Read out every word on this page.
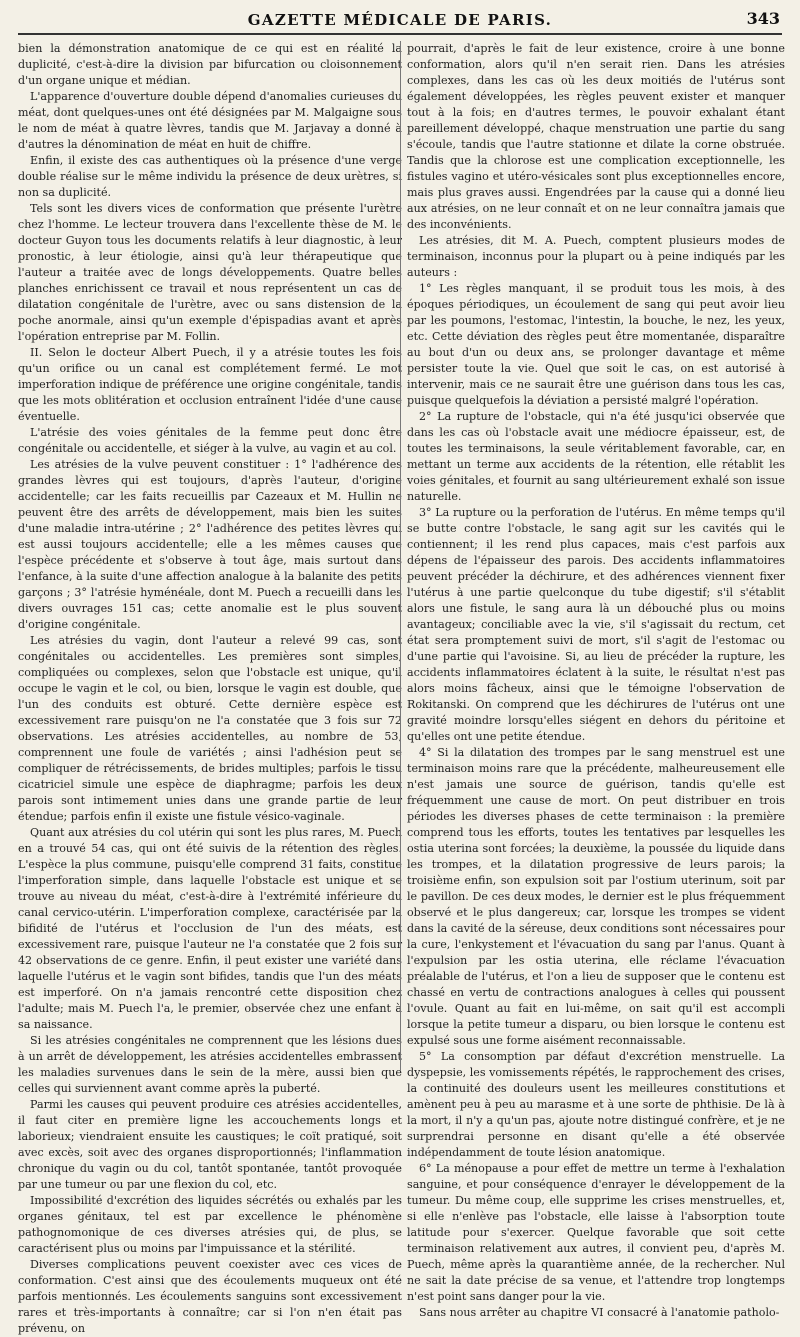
GAZETTE MÉDICALE DE PARIS.	343

bien la démonstration anatomique de ce qui est en réalité la duplicité, c'est-à-dire la division par bifurcation ou cloisonnement d'un organe unique et médian.

L'apparence d'ouverture double dépend d'anomalies curieuses du méat, dont quelques-unes ont été désignées par M. Malgaigne sous le nom de méat à quatre lèvres, tandis que M. Jarjavay a donné à d'autres la dénomination de méat en huit de chiffre.

Enfin, il existe des cas authentiques où la présence d'une verge double réalise sur le même individu la présence de deux urètres, si non sa duplicité.

Tels sont les divers vices de conformation que présente l'urètre chez l'homme. Le lecteur trouvera dans l'excellente thèse de M. le docteur Guyon tous les documents relatifs à leur diagnostic, à leur pronostic, à leur étiologie, ainsi qu'à leur thérapeutique que l'auteur a traitée avec de longs développements. Quatre belles planches enrichissent ce travail et nous représentent un cas de dilatation congénitale de l'urètre, avec ou sans distension de la poche anormale, ainsi qu'un exemple d'épispadias avant et après l'opération entreprise par M. Follin.

II. Selon le docteur Albert Puech, il y a atrésie toutes les fois qu'un orifice ou un canal est complétement fermé. Le mot imperforation indique de préférence une origine congénitale, tandis que les mots oblitération et occlusion entraînent l'idée d'une cause éventuelle.

L'atrésie des voies génitales de la femme peut donc être congénitale ou accidentelle, et siéger à la vulve, au vagin et au col.

Les atrésies de la vulve peuvent constituer : 1° l'adhérence des grandes lèvres qui est toujours, d'après l'auteur, d'origine accidentelle; car les faits recueillis par Cazeaux et M. Hullin ne peuvent être des arrêts de développement, mais bien les suites d'une maladie intra-utérine ; 2° l'adhérence des petites lèvres qui est aussi toujours accidentelle; elle a les mêmes causes que l'espèce précédente et s'observe à tout âge, mais surtout dans l'enfance, à la suite d'une affection analogue à la balanite des petits garçons ; 3° l'atrésie hyménéale, dont M. Puech a recueilli dans les divers ouvrages 151 cas; cette anomalie est le plus souvent d'origine congénitale.

Les atrésies du vagin, dont l'auteur a relevé 99 cas, sont congénitales ou accidentelles. Les premières sont simples, compliquées ou complexes, selon que l'obstacle est unique, qu'il occupe le vagin et le col, ou bien, lorsque le vagin est double, que l'un des conduits est obturé. Cette dernière espèce est excessivement rare puisqu'on ne l'a constatée que 3 fois sur 72 observations. Les atrésies accidentelles, au nombre de 53, comprennent une foule de variétés ; ainsi l'adhésion peut se compliquer de rétrécissements, de brides multiples; parfois le tissu cicatriciel simule une espèce de diaphragme; parfois les deux parois sont intimement unies dans une grande partie de leur étendue; parfois enfin il existe une fistule vésico-vaginale.

Quant aux atrésies du col utérin qui sont les plus rares, M. Puech en a trouvé 54 cas, qui ont été suivis de la rétention des règles. L'espèce la plus commune, puisqu'elle comprend 31 faits, constitue l'imperforation simple, dans laquelle l'obstacle est unique et se trouve au niveau du méat, c'est-à-dire à l'extrémité inférieure du canal cervico-utérin. L'imperforation complexe, caractérisée par la bifidité de l'utérus et l'occlusion de l'un des méats, est excessivement rare, puisque l'auteur ne l'a constatée que 2 fois sur 42 observations de ce genre. Enfin, il peut exister une variété dans laquelle l'utérus et le vagin sont bifides, tandis que l'un des méats est imperforé. On n'a jamais rencontré cette disposition chez l'adulte; mais M. Puech l'a, le premier, observée chez une enfant à sa naissance.

Si les atrésies congénitales ne comprennent que les lésions dues à un arrêt de développement, les atrésies accidentelles embrassent les maladies survenues dans le sein de la mère, aussi bien que celles qui surviennent avant comme après la puberté.

Parmi les causes qui peuvent produire ces atrésies accidentelles, il faut citer en première ligne les accouchements longs et laborieux; viendraient ensuite les caustiques; le coït pratiqué, soit avec excès, soit avec des organes disproportionnés; l'inflammation chronique du vagin ou du col, tantôt spontanée, tantôt provoquée par une tumeur ou par une flexion du col, etc.

Impossibilité d'excrétion des liquides sécrétés ou exhalés par les organes génitaux, tel est par excellence le phénomène pathognomonique de ces diverses atrésies qui, de plus, se caractérisent plus ou moins par l'impuissance et la stérilité.

Diverses complications peuvent coexister avec ces vices de conformation. C'est ainsi que des écoulements muqueux ont été parfois mentionnés. Les écoulements sanguins sont excessivement rares et très-importants à connaître; car si l'on n'en était pas prévenu, on

pourrait, d'après le fait de leur existence, croire à une bonne conformation, alors qu'il n'en serait rien. Dans les atrésies complexes, dans les cas où les deux moitiés de l'utérus sont également développées, les règles peuvent exister et manquer tout à la fois; en d'autres termes, le pouvoir exhalant étant pareillement développé, chaque menstruation une partie du sang s'écoule, tandis que l'autre stationne et dilate la corne obstruée. Tandis que la chlorose est une complication exceptionnelle, les fistules vagino et utéro-vésicales sont plus exceptionnelles encore, mais plus graves aussi. Engendrées par la cause qui a donné lieu aux atrésies, on ne leur connaît et on ne leur connaîtra jamais que des inconvénients.

Les atrésies, dit M. A. Puech, comptent plusieurs modes de terminaison, inconnus pour la plupart ou à peine indiqués par les auteurs :

1° Les règles manquant, il se produit tous les mois, à des époques périodiques, un écoulement de sang qui peut avoir lieu par les poumons, l'estomac, l'intestin, la bouche, le nez, les yeux, etc. Cette déviation des règles peut être momentanée, disparaître au bout d'un ou deux ans, se prolonger davantage et même persister toute la vie. Quel que soit le cas, on est autorisé à intervenir, mais ce ne saurait être une guérison dans tous les cas, puisque quelquefois la déviation a persisté malgré l'opération.

2° La rupture de l'obstacle, qui n'a été jusqu'ici observée que dans les cas où l'obstacle avait une médiocre épaisseur, est, de toutes les terminaisons, la seule véritablement favorable, car, en mettant un terme aux accidents de la rétention, elle rétablit les voies génitales, et fournit au sang ultérieurement exhalé son issue naturelle.

3° La rupture ou la perforation de l'utérus. En même temps qu'il se butte contre l'obstacle, le sang agit sur les cavités qui le contiennent; il les rend plus capaces, mais c'est parfois aux dépens de l'épaisseur des parois. Des accidents inflammatoires peuvent précéder la déchirure, et des adhérences viennent fixer l'utérus à une partie quelconque du tube digestif; s'il s'établit alors une fistule, le sang aura là un débouché plus ou moins avantageux; conciliable avec la vie, s'il s'agissait du rectum, cet état sera promptement suivi de mort, s'il s'agit de l'estomac ou d'une partie qui l'avoisine. Si, au lieu de précéder la rupture, les accidents inflammatoires éclatent à la suite, le résultat n'est pas alors moins fâcheux, ainsi que le témoigne l'observation de Rokitanski. On comprend que les déchirures de l'utérus ont une gravité moindre lorsqu'elles siégent en dehors du péritoine et qu'elles ont une petite étendue.

4° Si la dilatation des trompes par le sang menstruel est une terminaison moins rare que la précédente, malheureusement elle n'est jamais une source de guérison, tandis qu'elle est fréquemment une cause de mort. On peut distribuer en trois périodes les diverses phases de cette terminaison : la première comprend tous les efforts, toutes les tentatives par lesquelles les ostia uterina sont forcées; la deuxième, la poussée du liquide dans les trompes, et la dilatation progressive de leurs parois; la troisième enfin, son expulsion soit par l'ostium uterinum, soit par le pavillon. De ces deux modes, le dernier est le plus fréquemment observé et le plus dangereux; car, lorsque les trompes se vident dans la cavité de la séreuse, deux conditions sont nécessaires pour la cure, l'enkystement et l'évacuation du sang par l'anus. Quant à l'expulsion par les ostia uterina, elle réclame l'évacuation préalable de l'utérus, et l'on a lieu de supposer que le contenu est chassé en vertu de contractions analogues à celles qui poussent l'ovule. Quant au fait en lui-même, on sait qu'il est accompli lorsque la petite tumeur a disparu, ou bien lorsque le contenu est expulsé sous une forme aisément reconnaissable.

5° La consomption par défaut d'excrétion menstruelle. La dyspepsie, les vomissements répétés, le rapprochement des crises, la continuité des douleurs usent les meilleures constitutions et amènent peu à peu au marasme et à une sorte de phthisie. De là à la mort, il n'y a qu'un pas, ajoute notre distingué confrère, et je ne surprendrai personne en disant qu'elle a été observée indépendamment de toute lésion anatomique.

6° La ménopause a pour effet de mettre un terme à l'exhalation sanguine, et pour conséquence d'enrayer le développement de la tumeur. Du même coup, elle supprime les crises menstruelles, et, si elle n'enlève pas l'obstacle, elle laisse à l'absorption toute latitude pour s'exercer. Quelque favorable que soit cette terminaison relativement aux autres, il convient peu, d'après M. Puech, même après la quarantième année, de la rechercher. Nul ne sait la date précise de sa venue, et l'attendre trop longtemps n'est point sans danger pour la vie.

Sans nous arrêter au chapitre VI consacré à l'anatomie patholo-
